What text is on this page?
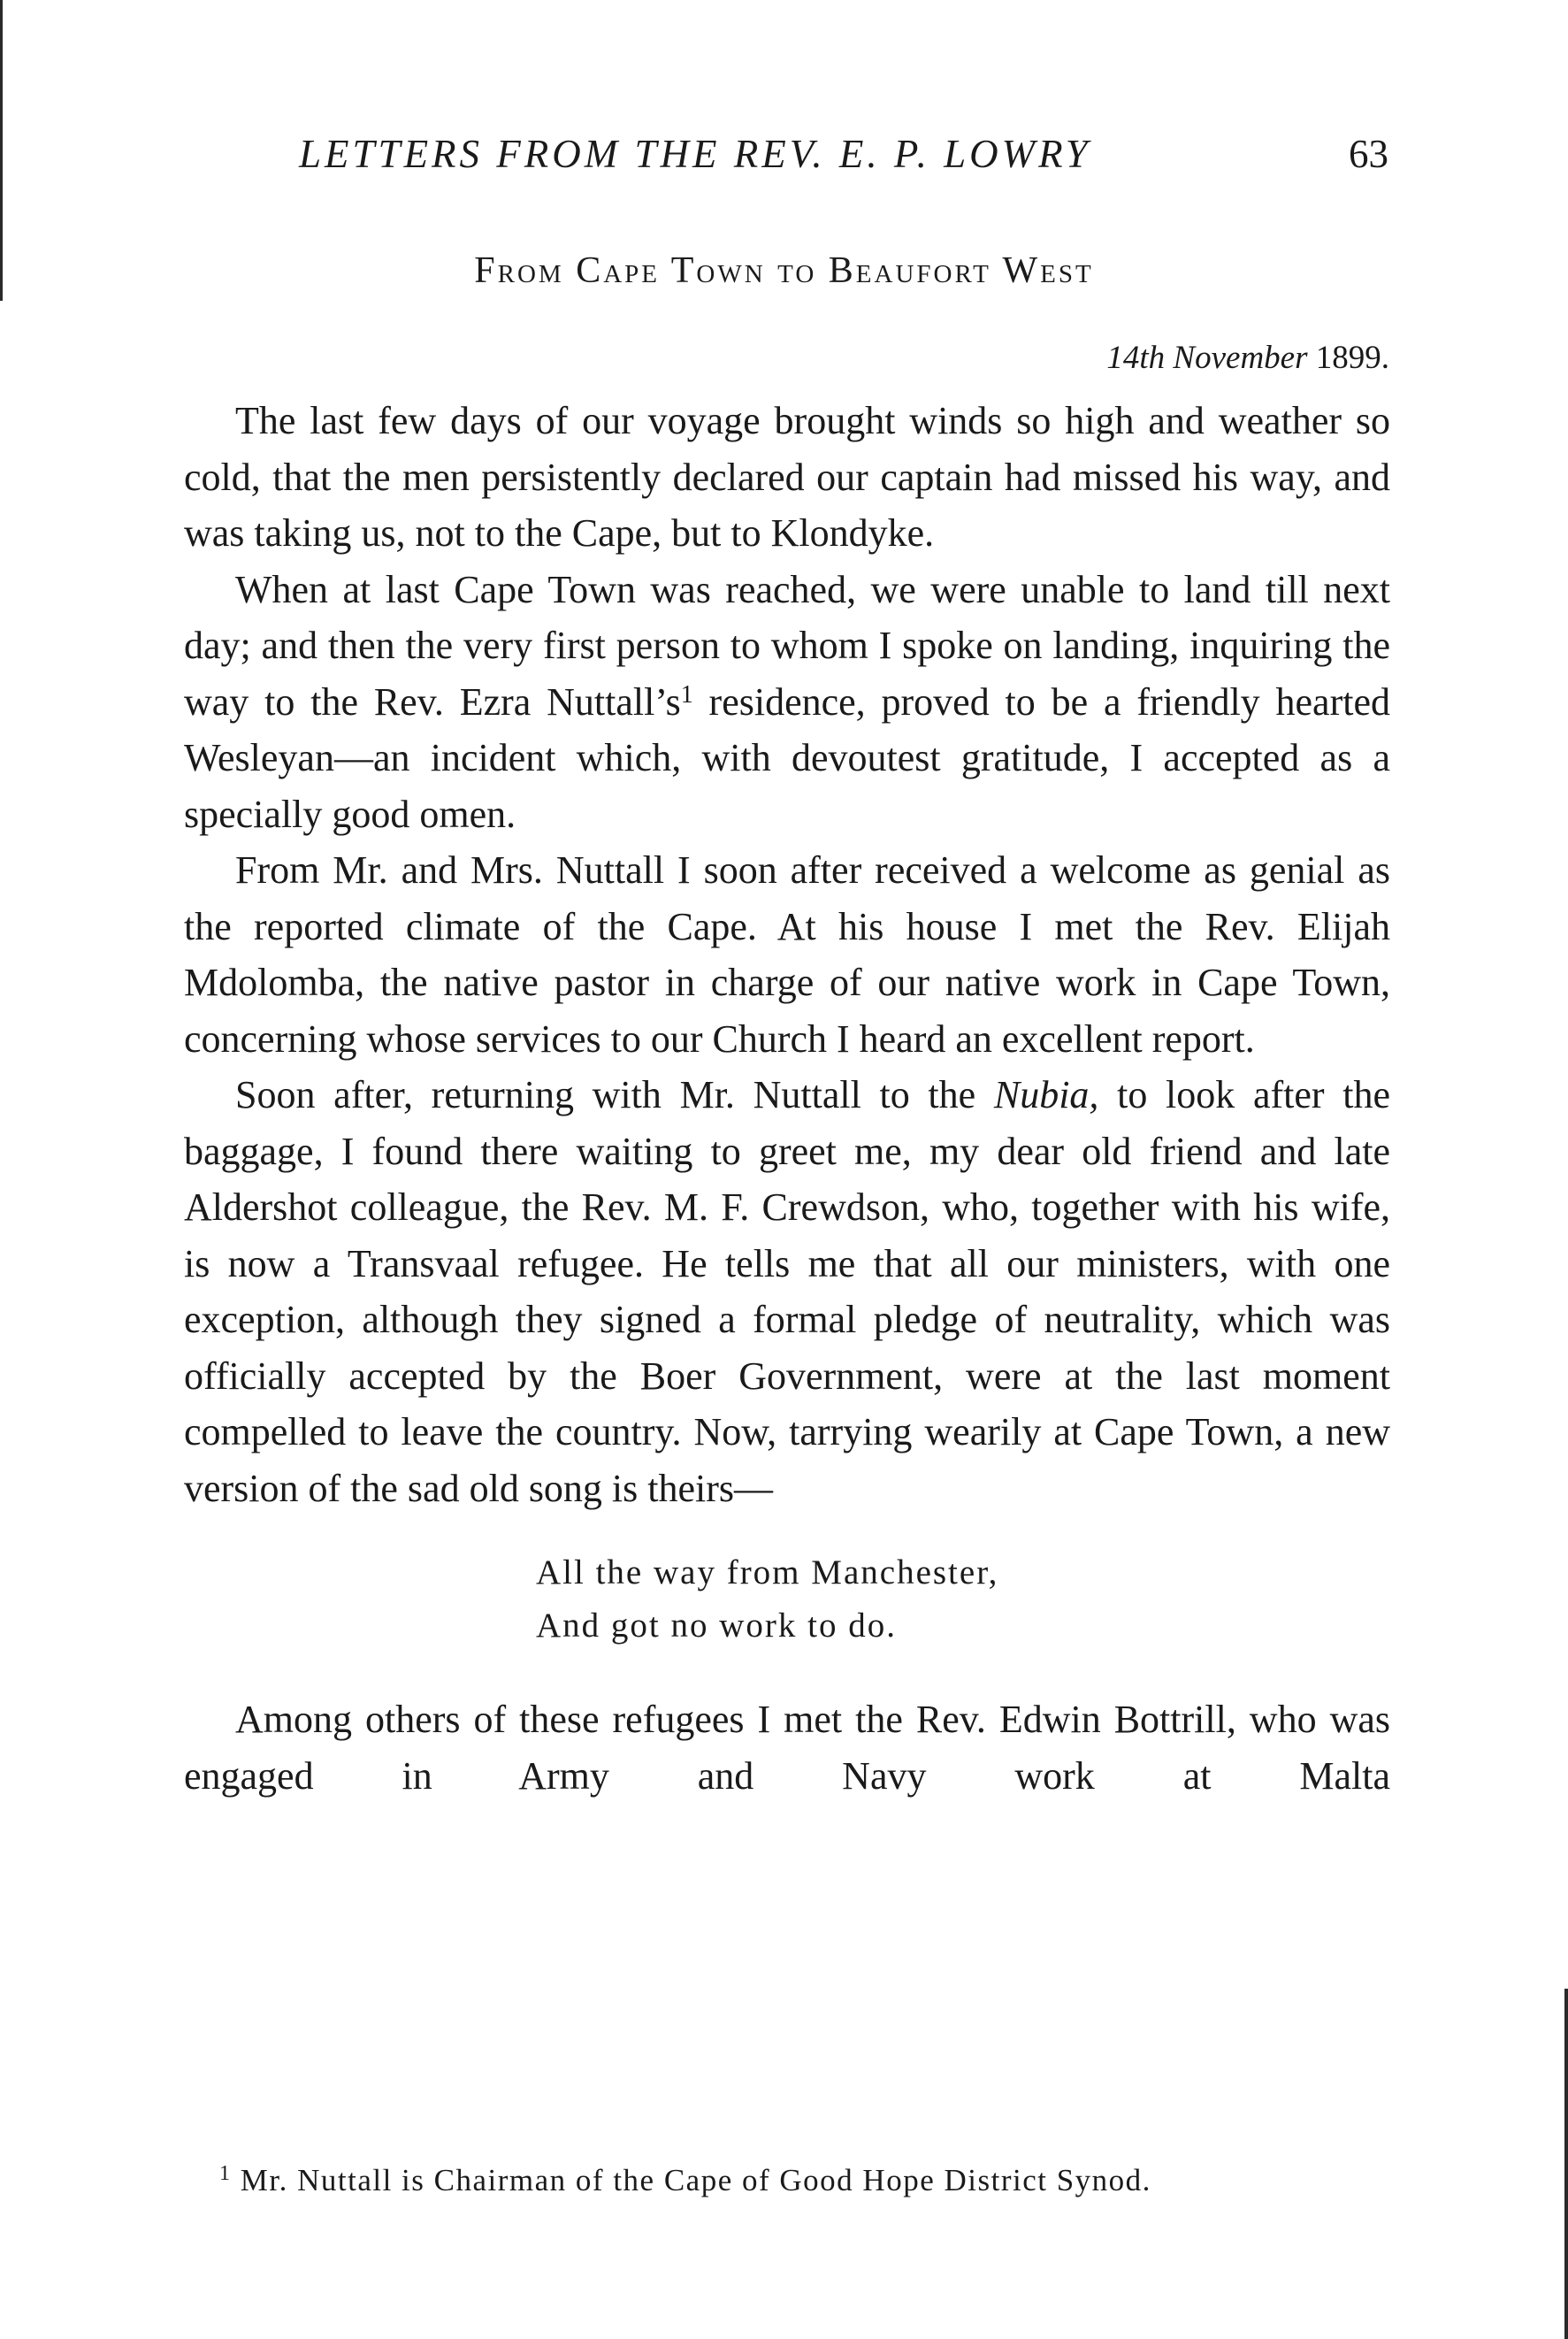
LETTERS FROM THE REV. E. P. LOWRY	63
From Cape Town to Beaufort West
14th November 1899.

The last few days of our voyage brought winds so high and weather so cold, that the men persistently declared our captain had missed his way, and was taking us, not to the Cape, but to Klondyke.

When at last Cape Town was reached, we were unable to land till next day; and then the very first person to whom I spoke on landing, inquiring the way to the Rev. Ezra Nuttall’s$^1$ residence, proved to be a friendly hearted Wesleyan—an incident which, with devoutest gratitude, I accepted as a specially good omen.

From Mr. and Mrs. Nuttall I soon after received a welcome as genial as the reported climate of the Cape. At his house I met the Rev. Elijah Mdolomba, the native pastor in charge of our native work in Cape Town, concerning whose services to our Church I heard an excellent report.

Soon after, returning with Mr. Nuttall to the Nubia, to look after the baggage, I found there waiting to greet me, my dear old friend and late Aldershot colleague, the Rev. M. F. Crewdson, who, together with his wife, is now a Transvaal refugee. He tells me that all our ministers, with one exception, although they signed a formal pledge of neutrality, which was officially accepted by the Boer Government, were at the last moment compelled to leave the country. Now, tarrying wearily at Cape Town, a new version of the sad old song is theirs—

All the way from Manchester,
And got no work to do.

Among others of these refugees I met the Rev. Edwin Bottrill, who was engaged in Army and Navy work at Malta

$^1$ Mr. Nuttall is Chairman of the Cape of Good Hope District Synod.
